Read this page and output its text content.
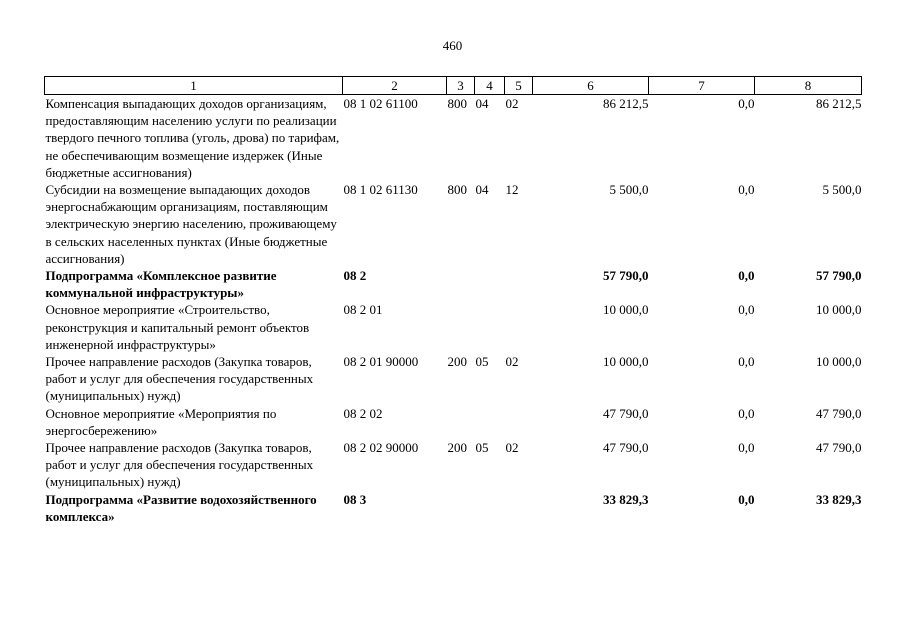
460
1	2	3	4	5	6	7	8
Компенсация выпадающих доходов организациям, предоставляющим населению услуги по реализации твердого печного топлива (уголь, дрова) по тарифам, не обеспечивающим возмещение издержек (Иные бюджетные ассигнования)	08 1 02 61100	800	04	02	86 212,5	0,0	86 212,5
Субсидии на возмещение выпадающих доходов энергоснабжающим организациям, поставляющим электрическую энергию населению, проживающему в сельских населенных пунктах (Иные бюджетные ассигнования)	08 1 02 61130	800	04	12	5 500,0	0,0	5 500,0
Подпрограмма «Комплексное развитие коммунальной инфраструктуры»	08 2				57 790,0	0,0	57 790,0
Основное мероприятие «Строительство, реконструкция и капитальный ремонт объектов инженерной инфраструктуры»	08 2 01				10 000,0	0,0	10 000,0
Прочее направление расходов (Закупка товаров, работ и услуг для обеспечения государственных (муниципальных) нужд)	08 2 01 90000	200	05	02	10 000,0	0,0	10 000,0
Основное мероприятие «Мероприятия по энергосбережению»	08 2 02				47 790,0	0,0	47 790,0
Прочее направление расходов (Закупка товаров, работ и услуг для обеспечения государственных (муниципальных) нужд)	08 2 02 90000	200	05	02	47 790,0	0,0	47 790,0
Подпрограмма «Развитие водохозяйственного комплекса»	08 3				33 829,3	0,0	33 829,3
